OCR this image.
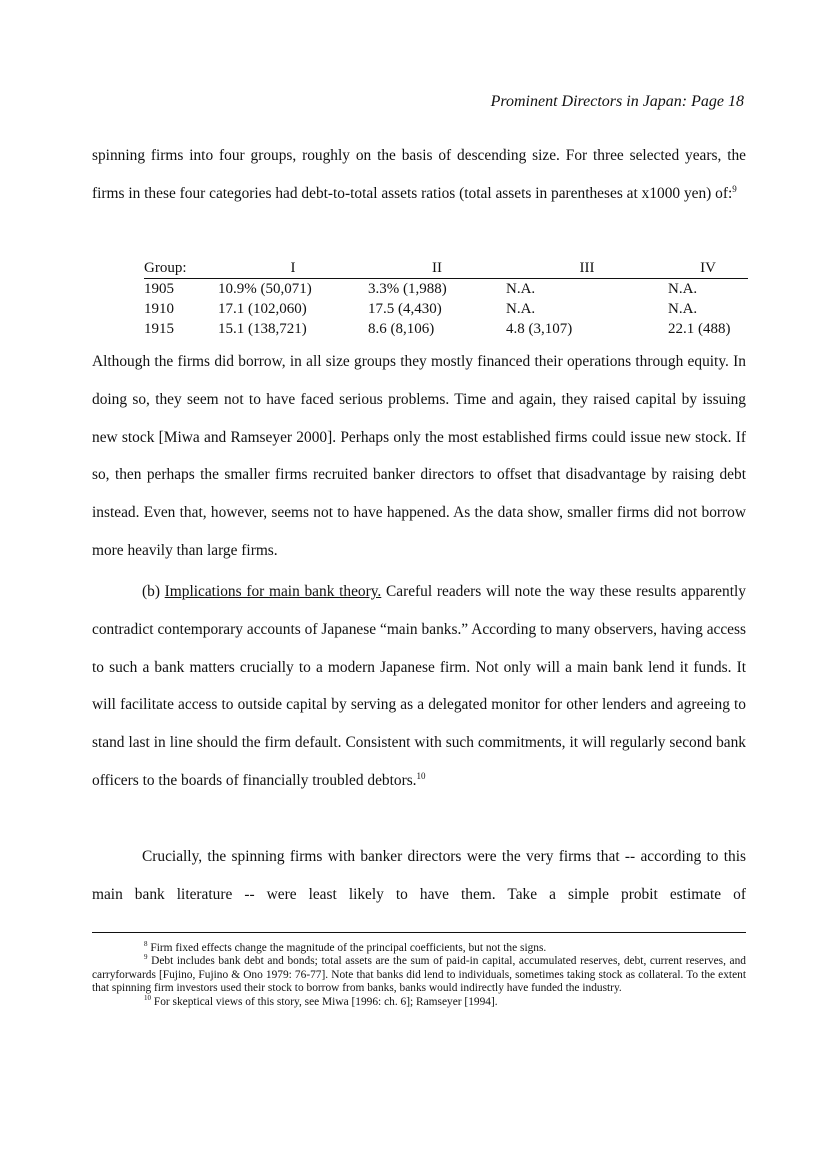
Prominent Directors in Japan: Page 18
spinning firms into four groups, roughly on the basis of descending size. For three selected years, the firms in these four categories had debt-to-total assets ratios (total assets in parentheses at x1000 yen) of:$^9$
Group:	I	II	III	IV
1905	10.9% (50,071)	3.3% (1,988)	N.A.	N.A.
1910	17.1 (102,060)	17.5 (4,430)	N.A.	N.A.
1915	15.1 (138,721)	8.6 (8,106)	4.8 (3,107)	22.1 (488)
Although the firms did borrow, in all size groups they mostly financed their operations through equity. In doing so, they seem not to have faced serious problems. Time and again, they raised capital by issuing new stock [Miwa and Ramseyer 2000]. Perhaps only the most established firms could issue new stock. If so, then perhaps the smaller firms recruited banker directors to offset that disadvantage by raising debt instead. Even that, however, seems not to have happened. As the data show, smaller firms did not borrow more heavily than large firms.
(b) Implications for main bank theory. Careful readers will note the way these results apparently contradict contemporary accounts of Japanese “main banks.” According to many observers, having access to such a bank matters crucially to a modern Japanese firm. Not only will a main bank lend it funds. It will facilitate access to outside capital by serving as a delegated monitor for other lenders and agreeing to stand last in line should the firm default. Consistent with such commitments, it will regularly second bank officers to the boards of financially troubled debtors.$^{10}$
Crucially, the spinning firms with banker directors were the very firms that -- according to this main bank literature -- were least likely to have them. Take a simple probit estimate of
$^8$ Firm fixed effects change the magnitude of the principal coefficients, but not the signs.
$^9$ Debt includes bank debt and bonds; total assets are the sum of paid-in capital, accumulated reserves, debt, current reserves, and carryforwards [Fujino, Fujino & Ono 1979: 76-77]. Note that banks did lend to individuals, sometimes taking stock as collateral. To the extent that spinning firm investors used their stock to borrow from banks, banks would indirectly have funded the industry.
$^{10}$ For skeptical views of this story, see Miwa [1996: ch. 6]; Ramseyer [1994].
